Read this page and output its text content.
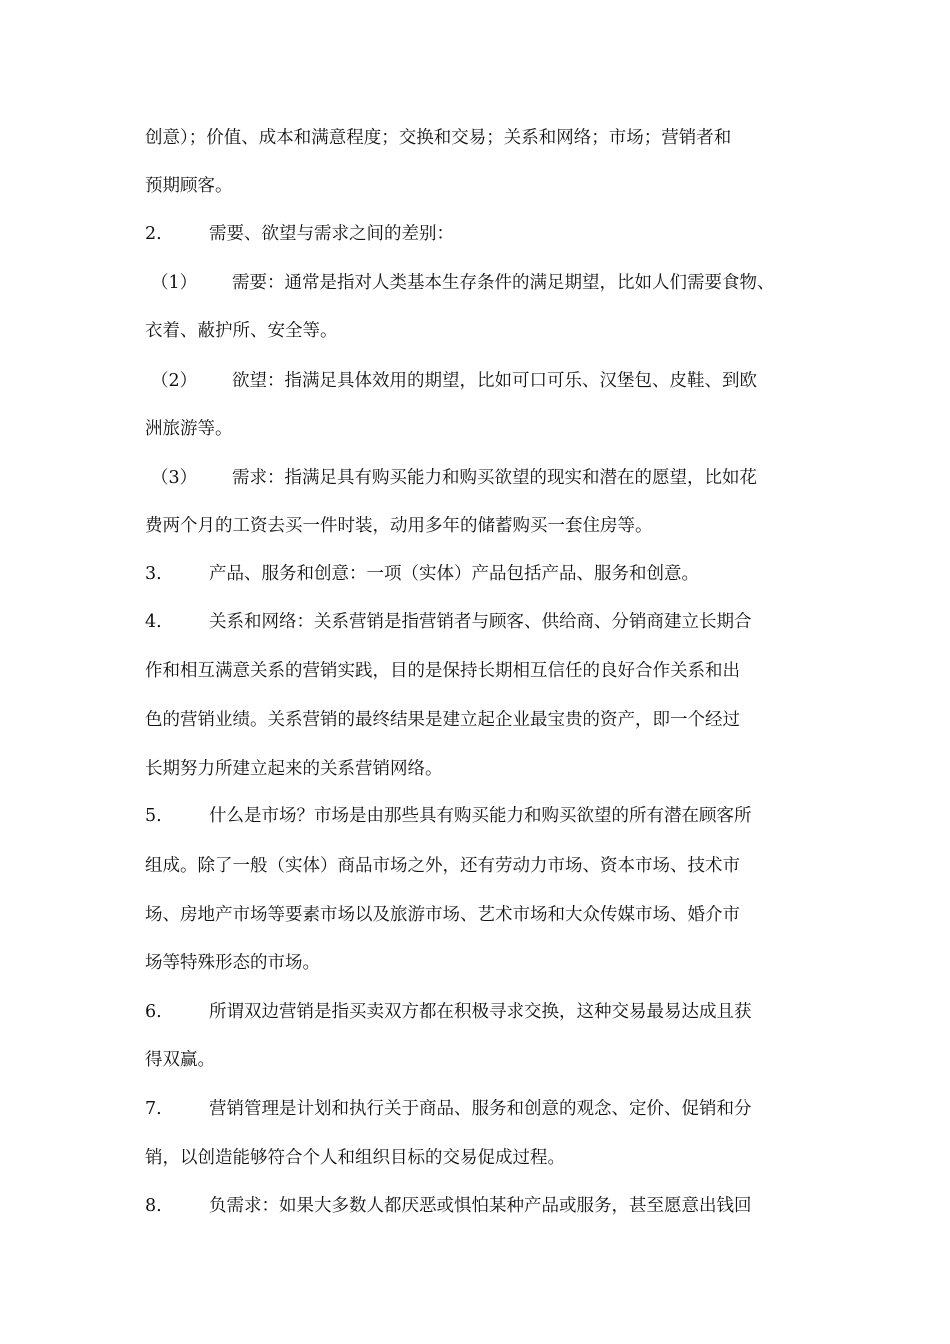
创意）；价值、成本和满意程度；交换和交易；关系和网络；市场；营销者和
预期顾客。
2.	需要、欲望与需求之间的差别：
（1） 需要：通常是指对人类基本生存条件的满足期望，比如人们需要食物、
衣着、蔽护所、安全等。
（2） 欲望：指满足具体效用的期望，比如可口可乐、汉堡包、皮鞋、到欧
洲旅游等。
（3） 需求：指满足具有购买能力和购买欲望的现实和潜在的愿望，比如花
费两个月的工资去买一件时装，动用多年的储蓄购买一套住房等。
3.	产品、服务和创意：一项（实体）产品包括产品、服务和创意。
4.	关系和网络：关系营销是指营销者与顾客、供给商、分销商建立长期合
作和相互满意关系的营销实践，目的是保持长期相互信任的良好合作关系和出
色的营销业绩。关系营销的最终结果是建立起企业最宝贵的资产，即一个经过
长期努力所建立起来的关系营销网络。
5.	什么是市场？市场是由那些具有购买能力和购买欲望的所有潜在顾客所
组成。除了一般（实体）商品市场之外，还有劳动力市场、资本市场、技术市
场、房地产市场等要素市场以及旅游市场、艺术市场和大众传媒市场、婚介市
场等特殊形态的市场。
6.	所谓双边营销是指买卖双方都在积极寻求交换，这种交易最易达成且获
得双赢。
7.	营销管理是计划和执行关于商品、服务和创意的观念、定价、促销和分
销，以创造能够符合个人和组织目标的交易促成过程。
8.	负需求：如果大多数人都厌恶或惧怕某种产品或服务，甚至愿意出钱回
